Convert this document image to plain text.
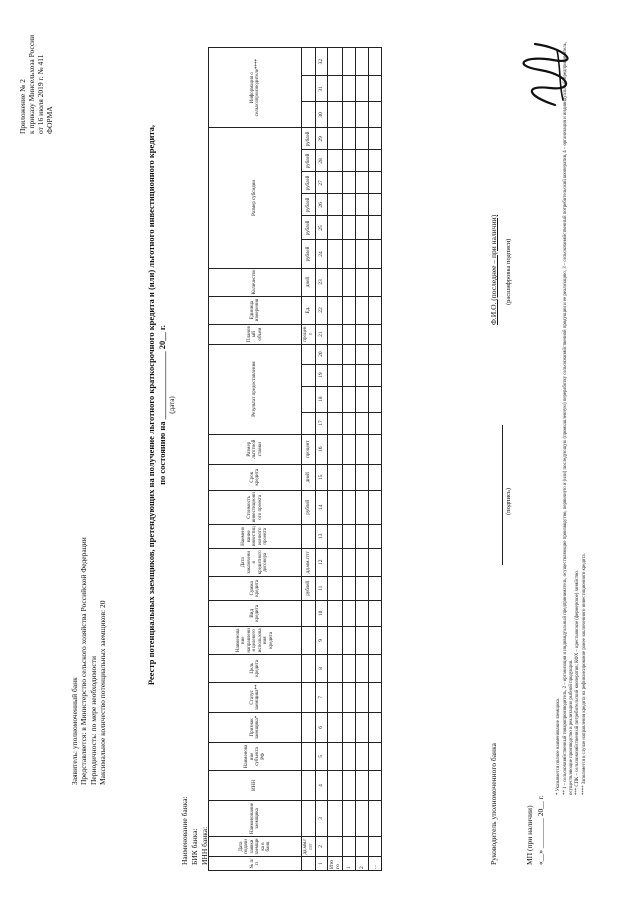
Приложение № 2 к приказу Минсельхоза России от 16 июля 2019 г. № 411 ФОРМА
Заявитель: уполномоченный банк Представляется: в Министерство сельского хозяйства Российской Федерации Периодичность: по мере необходимости Максимальное количество потенциальных заемщиков: 20
Реестр потенциальных заемщиков, претендующих на получение льготного краткосрочного кредита и (или) льготного инвестиционного кредита, по состоянию на ________________ 20__ г. (дата)
Наименование банка: БИК банка: ИНН банка:	№ п/п	Дата подачи заявки заемщика в банк	Наименование заемщика	ИНН	Наименование субъекта РФ	Признак заемщика*	Статус заемщика**	Цель кредита	Наименование направления целевого использования кредита	Вид кредита	Сумма кредита	Дата заключения кредитного договора	Наименование инвестиционного проекта	Стоимость инвестиционного проекта	Срок кредита	Размер льготной ставки	Результат предоставления				Плановый объем	Единица измерения	Количество	Размер субсидии						Информация о сельхозпроизводителе****		
	дд.мм.гггг									рублей	дд.мм.гггг		рублей	дней	процент					процент	Ед.	дней	рублей	рублей	рублей	рублей	рублей	рублей			
1	2	3	4	5	6	7	8	9	10	11	12	13	14	15	16	17	18	19	20	21	22	23	24	25	26	27	28	29	30	31	32
Итого																															
1																															
2																															
...																															
Руководитель уполномоченного банка
(подпись)
Ф.И.О. (последнее – при наличии) (расшифровка подписи)
МП (при наличии) «__» ________ 20__ г.

* Указывается полное наименование заемщика. ** 1 – сельскохозяйственный товаропроизводитель, 2 – организация и индивидуальный предприниматель, осуществляющие производство, первичную и (или) последующую (промышленную) переработку сельскохозяйственной продукции и ее реализацию, 3 – сельскохозяйственный потребительский кооператив, 4 – организация и индивидуальный предприниматель, осуществляющие производство и реализацию рыбной продукции. *** СПК – сельскохозяйственный потребительский кооператив; КФХ – крестьянское (фермерское) хозяйство. **** Заполняется в случае направления кредита на рефинансирование ранее заключенного инвестиционного кредита.
